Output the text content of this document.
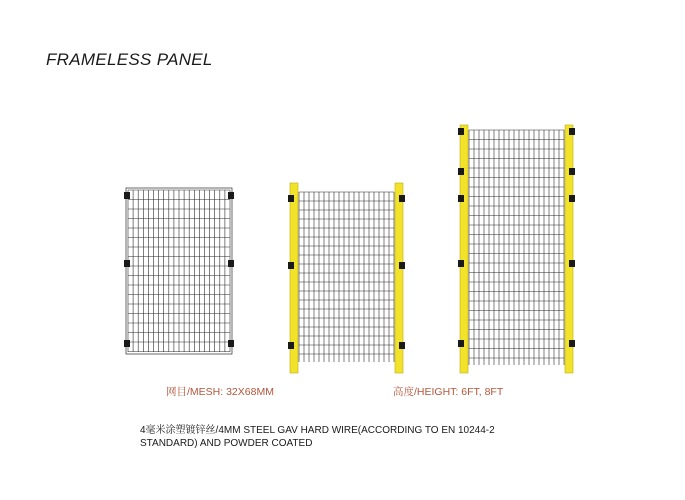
FRAMELESS PANEL
网目/MESH: 32X68MM	高度/HEIGHT: 6FT, 8FT
4毫米涂塑镀锌丝/4MM STEEL GAV HARD WIRE(ACCORDING TO EN 10244-2
STANDARD) AND POWDER COATED
